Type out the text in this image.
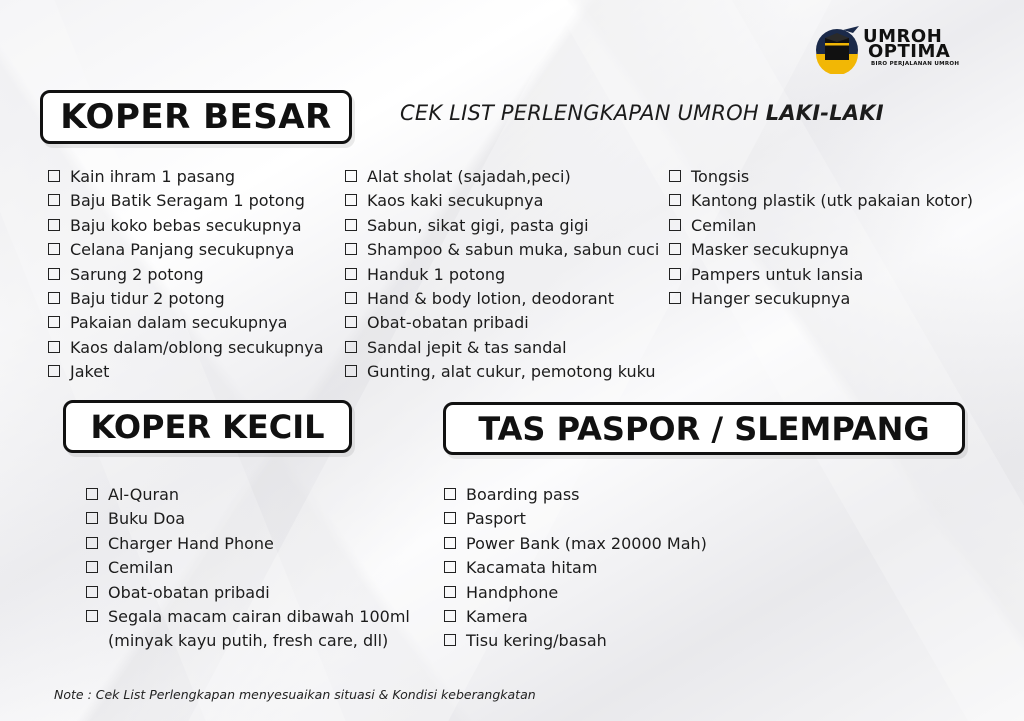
UMROH
OPTIMA
BIRO PERJALANAN UMROH
KOPER BESAR	CEK LIST PERLENGKAPAN UMROH LAKI-LAKI
Kain ihram 1 pasang
Baju Batik Seragam 1 potong
Baju koko bebas secukupnya
Celana Panjang secukupnya
Sarung 2 potong
Baju tidur 2 potong
Pakaian dalam secukupnya
Kaos dalam/oblong secukupnya
Jaket
Alat sholat (sajadah,peci)
Kaos kaki secukupnya
Sabun, sikat gigi, pasta gigi
Shampoo & sabun muka, sabun cuci
Handuk 1 potong
Hand & body lotion, deodorant
Obat-obatan pribadi
Sandal jepit & tas sandal
Gunting, alat cukur, pemotong kuku
Tongsis
Kantong plastik (utk pakaian kotor)
Cemilan
Masker secukupnya
Pampers untuk lansia
Hanger secukupnya
KOPER KECIL
Al-Quran
Buku Doa
Charger Hand Phone
Cemilan
Obat-obatan pribadi
Segala macam cairan dibawah 100ml
(minyak kayu putih, fresh care, dll)
TAS PASPOR / SLEMPANG
Boarding pass
Pasport
Power Bank (max 20000 Mah)
Kacamata hitam
Handphone
Kamera
Tisu kering/basah
Note : Cek List Perlengkapan menyesuaikan situasi & Kondisi keberangkatan
